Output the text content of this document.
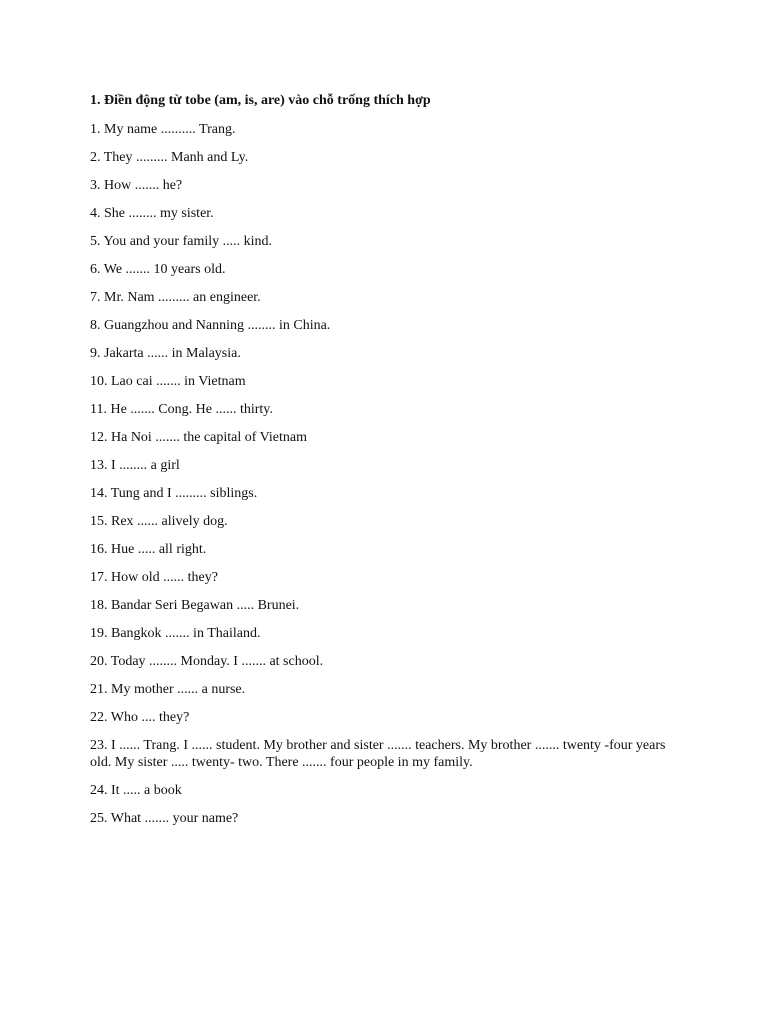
1. Điền động từ tobe (am, is, are) vào chỗ trống thích hợp

1. My name .......... Trang.

2. They ......... Manh and Ly.

3. How ....... he?

4. She ........ my sister.

5. You and your family ..... kind.

6. We ....... 10 years old.

7. Mr. Nam ......... an engineer.

8. Guangzhou and Nanning ........ in China.

9. Jakarta ...... in Malaysia.

10. Lao cai ....... in Vietnam

11. He ....... Cong. He ...... thirty.

12. Ha Noi ....... the capital of Vietnam

13. I ........ a girl

14. Tung and I ......... siblings.

15. Rex ...... alively dog.

16. Hue ..... all right.

17. How old ...... they?

18. Bandar Seri Begawan ..... Brunei.

19. Bangkok ....... in Thailand.

20. Today ........ Monday. I ....... at school.

21. My mother ...... a nurse.

22. Who .... they?

23. I ...... Trang. I ...... student. My brother and sister ....... teachers. My brother ....... twenty -four years old. My sister ..... twenty- two. There ....... four people in my family.

24. It ..... a book

25. What ....... your name?
